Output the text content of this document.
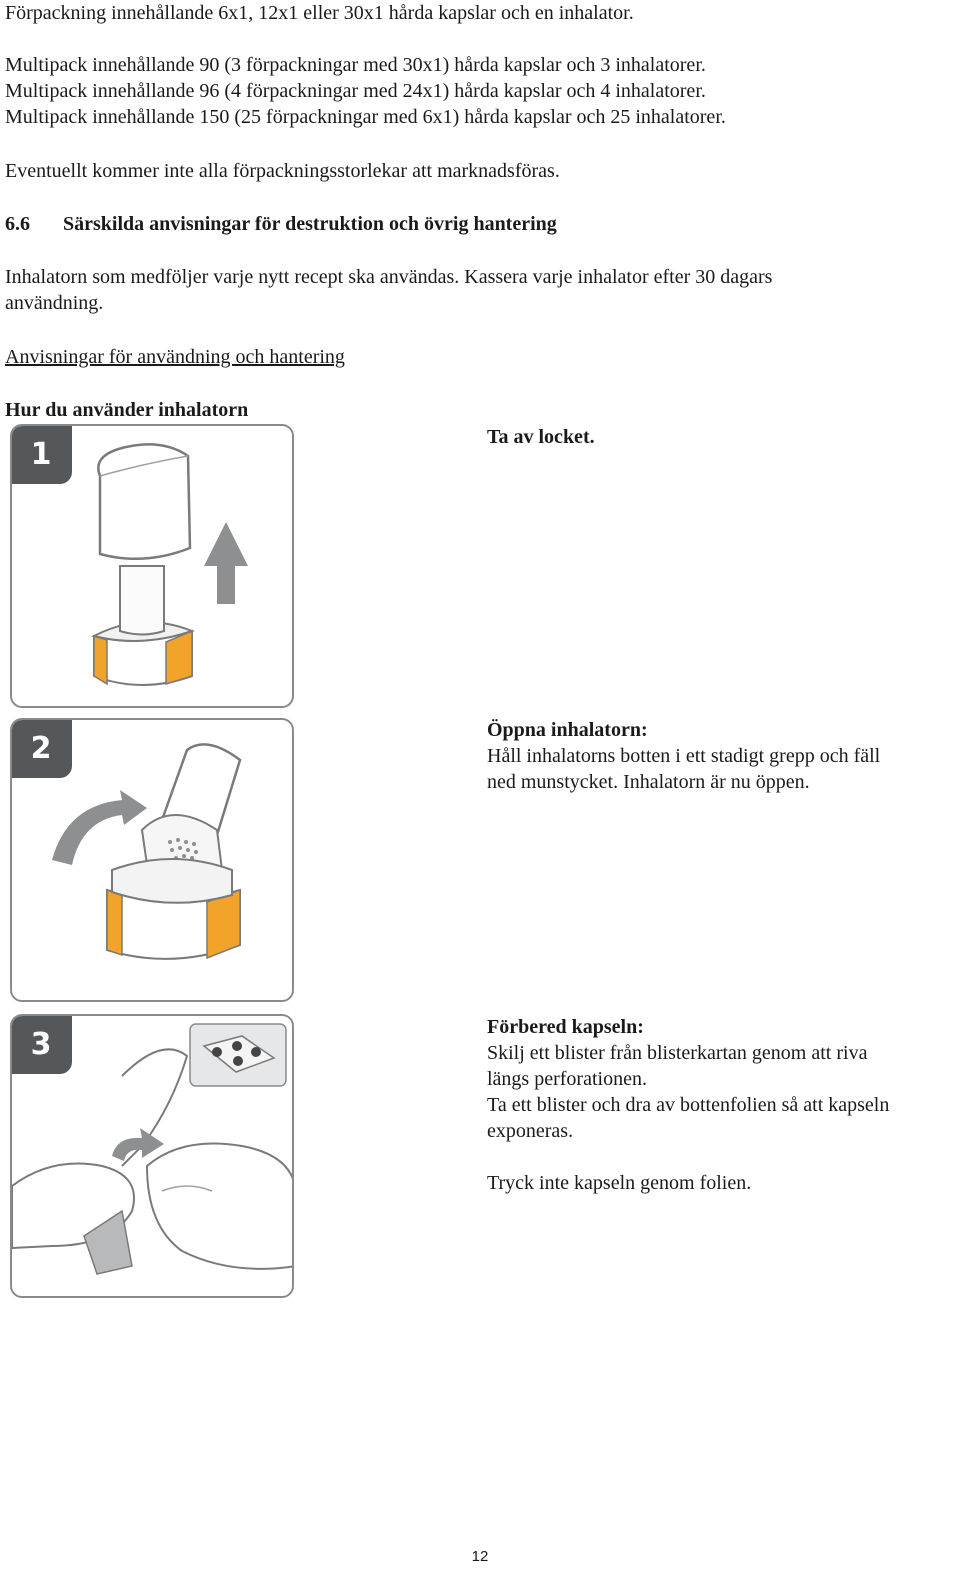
Förpackning innehållande 6x1, 12x1 eller 30x1 hårda kapslar och en inhalator.

Multipack innehållande 90 (3 förpackningar med 30x1) hårda kapslar och 3 inhalatorer.

Multipack innehållande 96 (4 förpackningar med 24x1) hårda kapslar och 4 inhalatorer.

Multipack innehållande 150 (25 förpackningar med 6x1) hårda kapslar och 25 inhalatorer.

Eventuellt kommer inte alla förpackningsstorlekar att marknadsföras.

6.6 Särskilda anvisningar för destruktion och övrig hantering

Inhalatorn som medföljer varje nytt recept ska användas. Kassera varje inhalator efter 30 dagars

användning.

Anvisningar för användning och hantering

Hur du använder inhalatorn

1
2
3

Ta av locket.

Öppna inhalatorn:

Håll inhalatorns botten i ett stadigt grepp och fäll

ned munstycket. Inhalatorn är nu öppen.

Förbered kapseln:

Skilj ett blister från blisterkartan genom att riva

längs perforationen.

Ta ett blister och dra av bottenfolien så att kapseln

exponeras.

Tryck inte kapseln genom folien.

12
